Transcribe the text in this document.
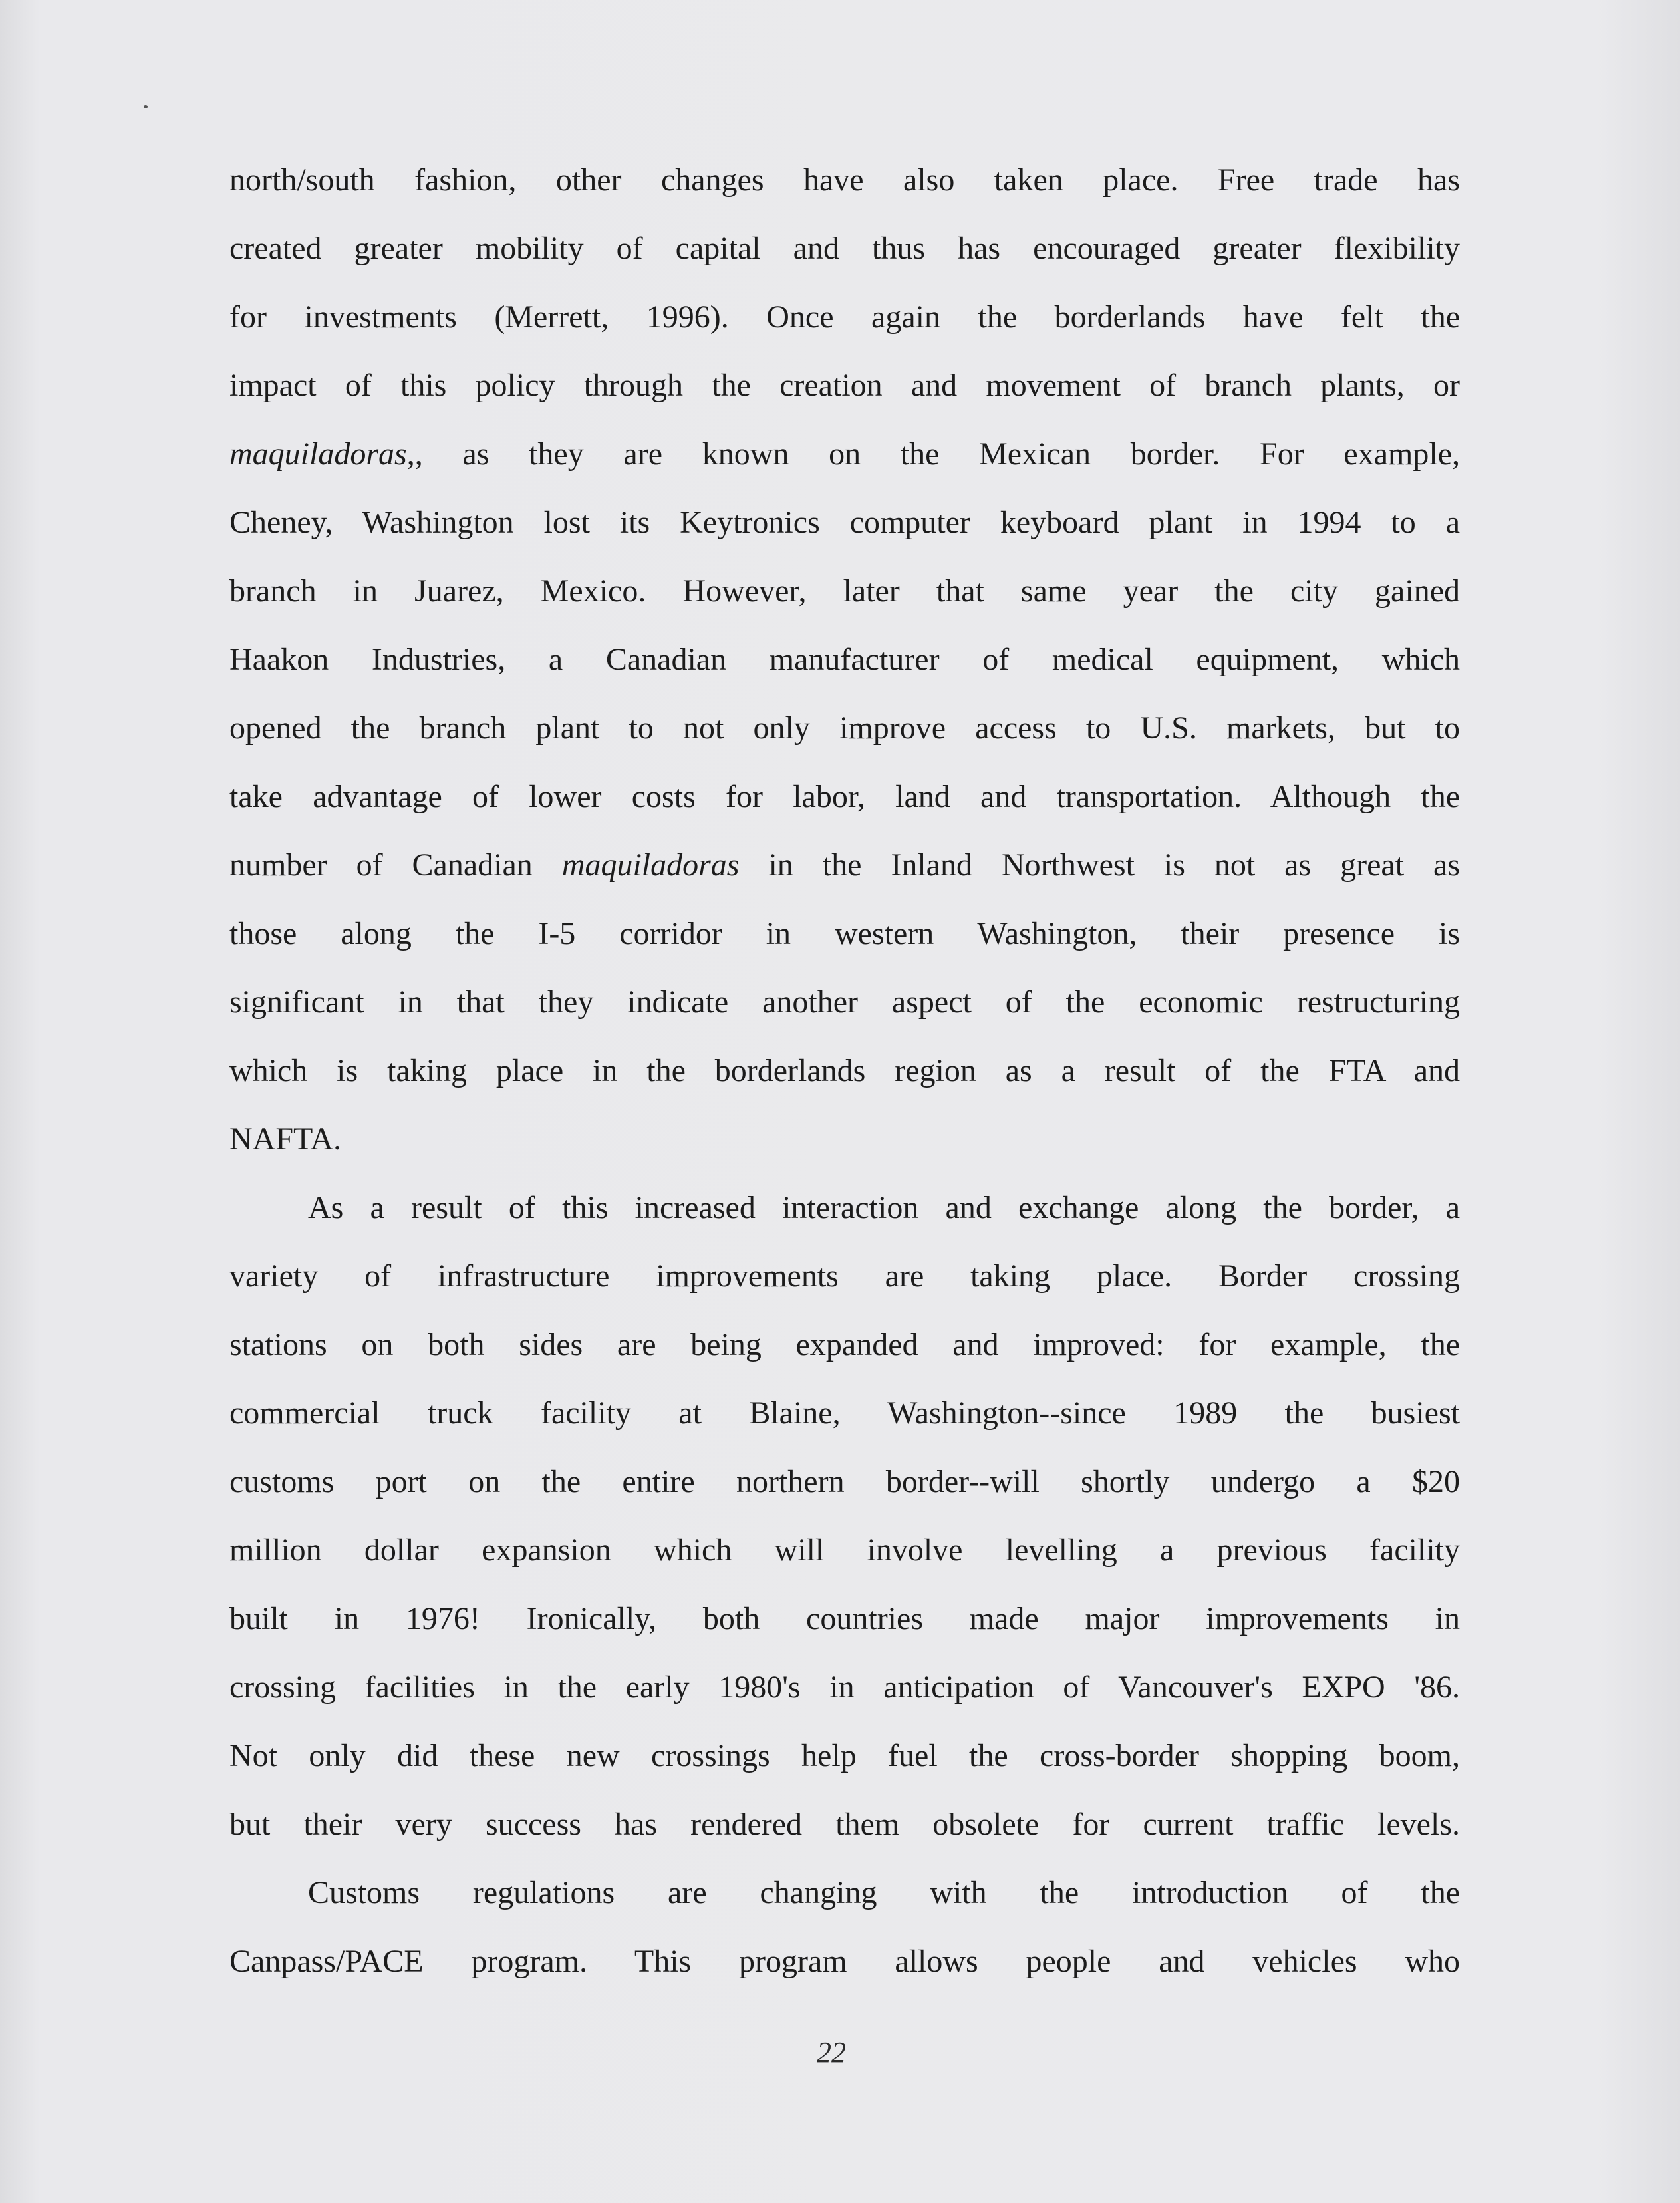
north/south fashion, other changes have also taken place. Free trade has
created greater mobility of capital and thus has encouraged greater flexibility
for investments (Merrett, 1996). Once again the borderlands have felt the
impact of this policy through the creation and movement of branch plants, or
maquiladoras,, as they are known on the Mexican border. For example,
Cheney, Washington lost its Keytronics computer keyboard plant in 1994 to a
branch in Juarez, Mexico. However, later that same year the city gained
Haakon Industries, a Canadian manufacturer of medical equipment, which
opened the branch plant to not only improve access to U.S. markets, but to
take advantage of lower costs for labor, land and transportation. Although the
number of Canadian maquiladoras in the Inland Northwest is not as great as
those along the I-5 corridor in western Washington, their presence is
significant in that they indicate another aspect of the economic restructuring
which is taking place in the borderlands region as a result of the FTA and
NAFTA.
As a result of this increased interaction and exchange along the border, a
variety of infrastructure improvements are taking place. Border crossing
stations on both sides are being expanded and improved: for example, the
commercial truck facility at Blaine, Washington--since 1989 the busiest
customs port on the entire northern border--will shortly undergo a $20
million dollar expansion which will involve levelling a previous facility
built in 1976! Ironically, both countries made major improvements in
crossing facilities in the early 1980's in anticipation of Vancouver's EXPO '86.
Not only did these new crossings help fuel the cross-border shopping boom,
but their very success has rendered them obsolete for current traffic levels.
Customs regulations are changing with the introduction of the
Canpass/PACE program. This program allows people and vehicles who
22
